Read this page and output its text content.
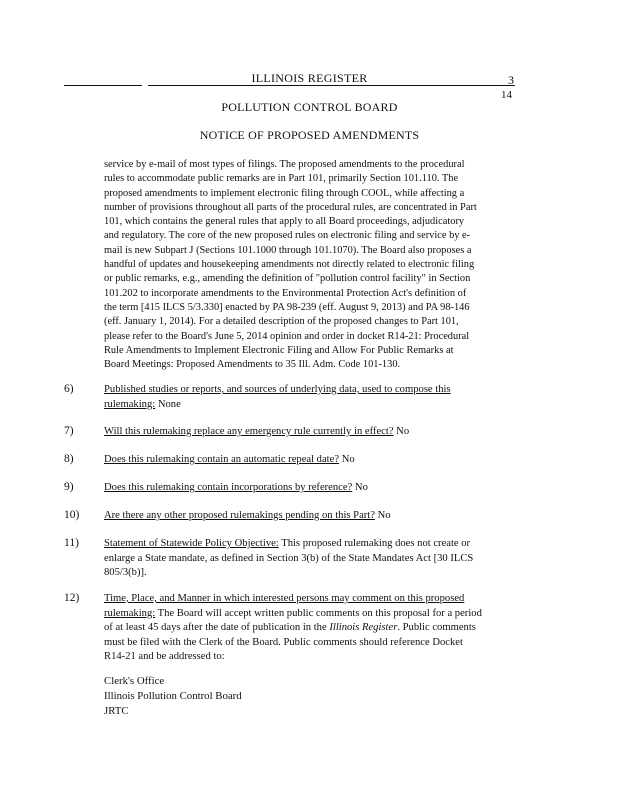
ILLINOIS REGISTER	3
14
POLLUTION CONTROL BOARD
NOTICE OF PROPOSED AMENDMENTS
service by e-mail of most types of filings. The proposed amendments to the procedural
rules to accommodate public remarks are in Part 101, primarily Section 101.110. The
proposed amendments to implement electronic filing through COOL, while affecting a
number of provisions throughout all parts of the procedural rules, are concentrated in Part
101, which contains the general rules that apply to all Board proceedings, adjudicatory
and regulatory. The core of the new proposed rules on electronic filing and service by e-
mail is new Subpart J (Sections 101.1000 through 101.1070). The Board also proposes a
handful of updates and housekeeping amendments not directly related to electronic filing
or public remarks, e.g., amending the definition of "pollution control facility" in Section
101.202 to incorporate amendments to the Environmental Protection Act's definition of
the term [415 ILCS 5/3.330] enacted by PA 98-239 (eff. August 9, 2013) and PA 98-146
(eff. January 1, 2014). For a detailed description of the proposed changes to Part 101,
please refer to the Board's June 5, 2014 opinion and order in docket R14-21: Procedural
Rule Amendments to Implement Electronic Filing and Allow For Public Remarks at
Board Meetings: Proposed Amendments to 35 Ill. Adm. Code 101-130.
6)	Published studies or reports, and sources of underlying data, used to compose this
rulemaking: None
7)	Will this rulemaking replace any emergency rule currently in effect? No
8)	Does this rulemaking contain an automatic repeal date? No
9)	Does this rulemaking contain incorporations by reference? No
10) Are there any other proposed rulemakings pending on this Part? No
11) Statement of Statewide Policy Objective: This proposed rulemaking does not create or
enlarge a State mandate, as defined in Section 3(b) of the State Mandates Act [30 ILCS
805/3(b)].
12) Time, Place, and Manner in which interested persons may comment on this proposed
rulemaking: The Board will accept written public comments on this proposal for a period
of at least 45 days after the date of publication in the Illinois Register. Public comments
must be filed with the Clerk of the Board. Public comments should reference Docket
R14-21 and be addressed to:
Clerk's Office
Illinois Pollution Control Board
JRTC
